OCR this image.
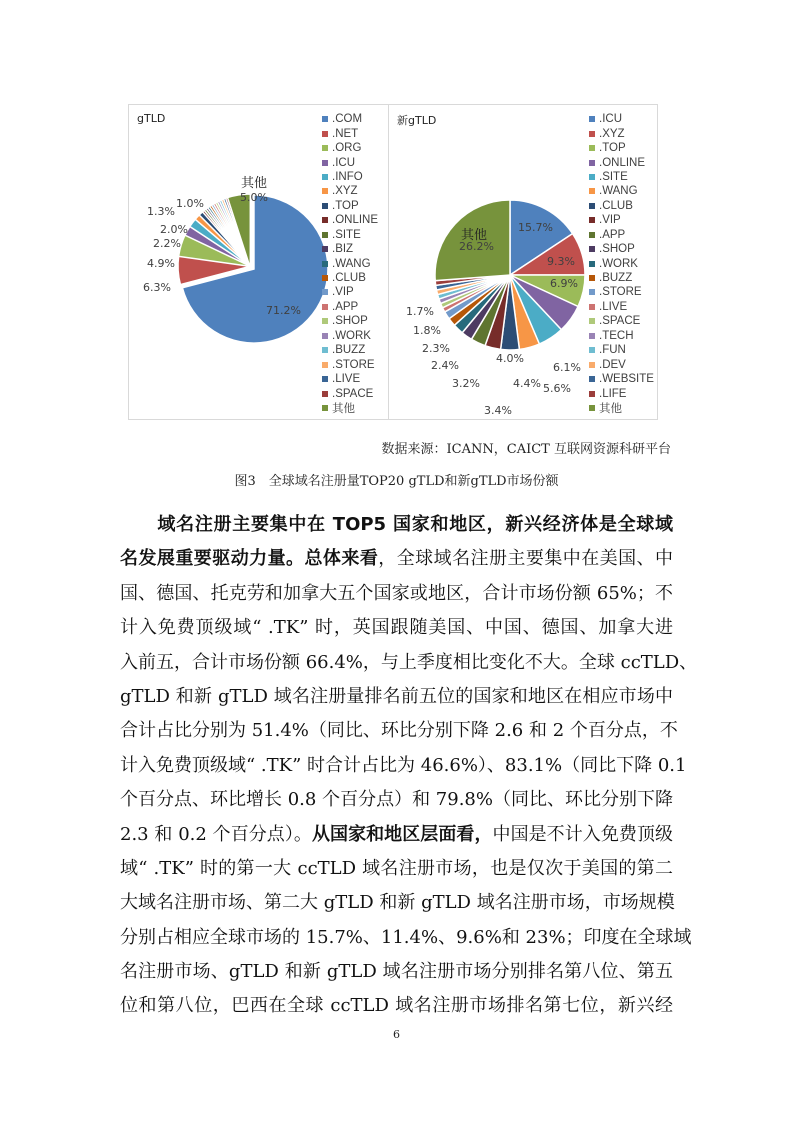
gTLD	新gTLD
其他
5.0%
1.0%
1.3%
2.0%
2.2%
4.9%
6.3%
71.2%
其他
26.2%
15.7%
9.3%
6.9%
6.1%
5.6%
4.4%
4.0%
3.4%
3.2%
2.4%
2.3%
1.8%
1.7%
.COM
.NET
.ORG
.ICU
.INFO
.XYZ
.TOP
.ONLINE
.SITE
.BIZ
.WANG
.CLUB
.VIP
.APP
.SHOP
.WORK
.BUZZ
.STORE
.LIVE
.SPACE
其他
.ICU
.XYZ
.TOP
.ONLINE
.SITE
.WANG
.CLUB
.VIP
.APP
.SHOP
.WORK
.BUZZ
.STORE
.LIVE
.SPACE
.TECH
.FUN
.DEV
.WEBSITE
.LIFE
其他
数据来源：ICANN，CAICT 互联网资源科研平台
图3　全球域名注册量TOP20 gTLD和新gTLD市场份额
　　域名注册主要集中在 TOP5 国家和地区，新兴经济体是全球域
名发展重要驱动力量。总体来看，全球域名注册主要集中在美国、中
国、德国、托克劳和加拿大五个国家或地区，合计市场份额 65%；不
计入免费顶级域“ .TK” 时，英国跟随美国、中国、德国、加拿大进
入前五，合计市场份额 66.4%，与上季度相比变化不大。全球 ccTLD、
gTLD 和新 gTLD 域名注册量排名前五位的国家和地区在相应市场中
合计占比分别为 51.4%（同比、环比分别下降 2.6 和 2 个百分点，不
计入免费顶级域“ .TK” 时合计占比为 46.6%）、83.1%（同比下降 0.1
个百分点、环比增长 0.8 个百分点）和 79.8%（同比、环比分别下降
2.3 和 0.2 个百分点）。从国家和地区层面看，中国是不计入免费顶级
域“ .TK” 时的第一大 ccTLD 域名注册市场，也是仅次于美国的第二
大域名注册市场、第二大 gTLD 和新 gTLD 域名注册市场，市场规模
分别占相应全球市场的 15.7%、11.4%、9.6%和 23%；印度在全球域
名注册市场、gTLD 和新 gTLD 域名注册市场分别排名第八位、第五
位和第八位，巴西在全球 ccTLD 域名注册市场排名第七位，新兴经
6
